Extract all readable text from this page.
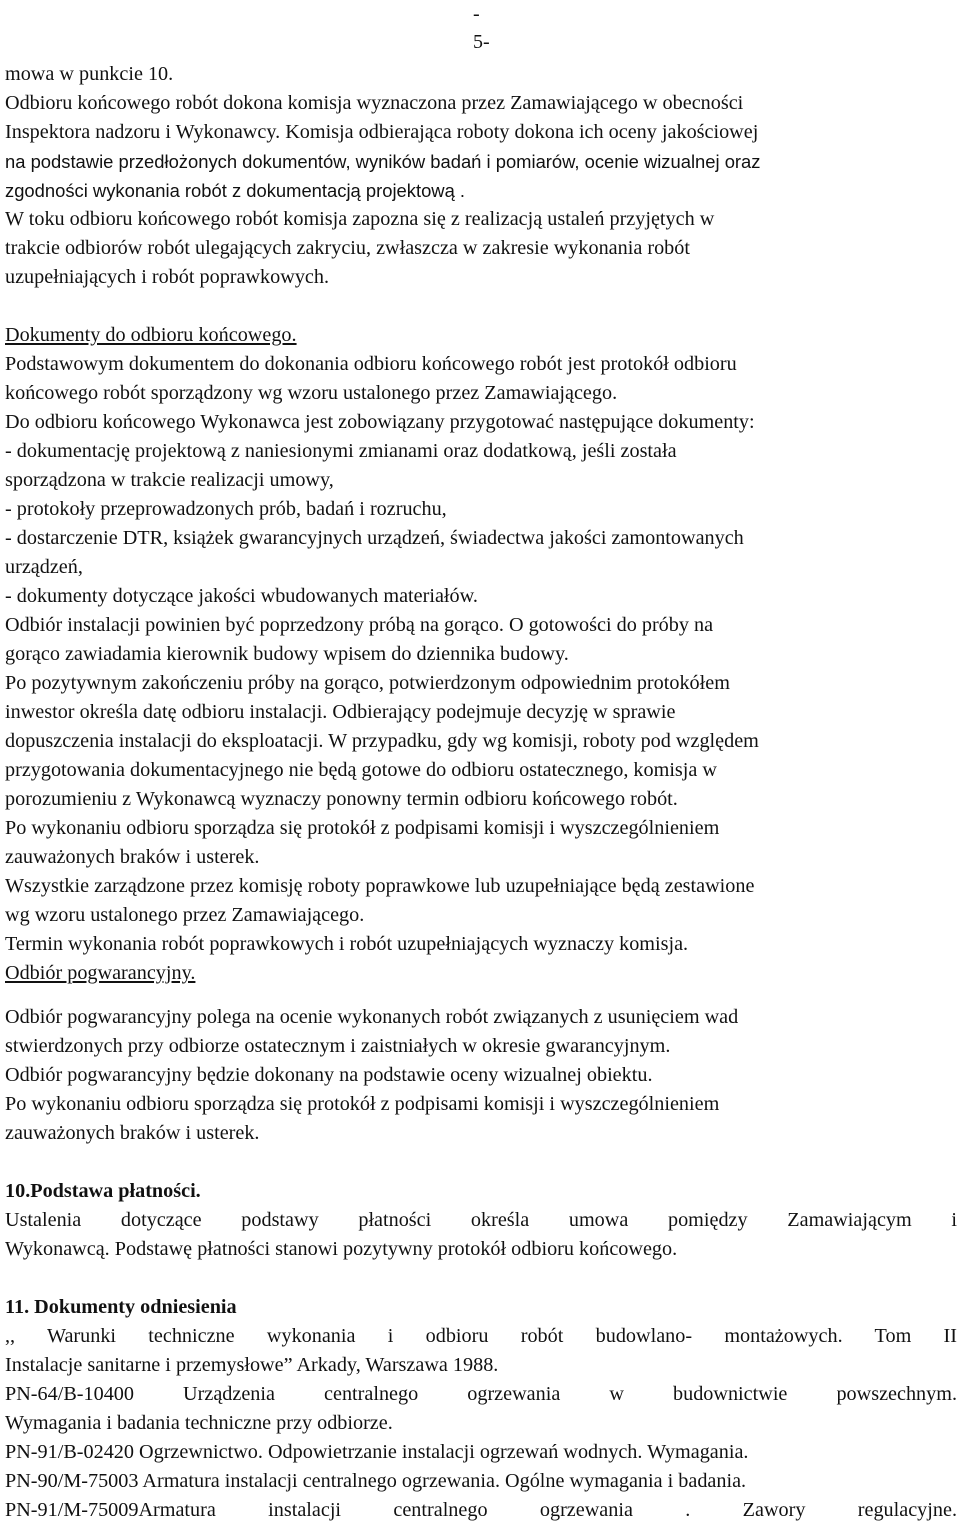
-
5-
mowa w punkcie 10.
Odbioru końcowego robót dokona komisja wyznaczona przez Zamawiającego w obecności
Inspektora nadzoru i Wykonawcy. Komisja odbierająca roboty dokona ich oceny jakościowej
na podstawie przedłożonych dokumentów, wyników badań i pomiarów, ocenie wizualnej oraz
zgodności wykonania robót z dokumentacją projektową .
W toku odbioru końcowego robót komisja zapozna się z realizacją ustaleń przyjętych w
trakcie odbiorów robót ulegających zakryciu, zwłaszcza w zakresie wykonania robót
uzupełniających i robót poprawkowych.
Dokumenty do odbioru końcowego.
Podstawowym dokumentem do dokonania odbioru końcowego robót jest protokół odbioru
końcowego robót sporządzony wg wzoru ustalonego przez Zamawiającego.
Do odbioru końcowego Wykonawca jest zobowiązany przygotować następujące dokumenty:
- dokumentację projektową z naniesionymi zmianami oraz dodatkową, jeśli została
sporządzona w trakcie realizacji umowy,
- protokoły przeprowadzonych prób, badań i rozruchu,
- dostarczenie DTR, książek gwarancyjnych urządzeń, świadectwa jakości zamontowanych
urządzeń,
- dokumenty dotyczące jakości wbudowanych materiałów.
Odbiór instalacji powinien być poprzedzony próbą na gorąco. O gotowości do próby na
gorąco zawiadamia kierownik budowy wpisem do dziennika budowy.
Po pozytywnym zakończeniu próby na gorąco, potwierdzonym odpowiednim protokółem
inwestor określa datę odbioru instalacji. Odbierający podejmuje decyzję w sprawie
dopuszczenia instalacji do eksploatacji. W przypadku, gdy wg komisji, roboty pod względem
przygotowania dokumentacyjnego nie będą gotowe do odbioru ostatecznego, komisja w
porozumieniu z Wykonawcą wyznaczy ponowny termin odbioru końcowego robót.
Po wykonaniu odbioru sporządza się protokół z podpisami komisji i wyszczególnieniem
zauważonych braków i usterek.
Wszystkie zarządzone przez komisję roboty poprawkowe lub uzupełniające będą zestawione
wg wzoru ustalonego przez Zamawiającego.
Termin wykonania robót poprawkowych i robót uzupełniających wyznaczy komisja.
Odbiór pogwarancyjny.
Odbiór pogwarancyjny polega na ocenie wykonanych robót związanych z usunięciem wad
stwierdzonych przy odbiorze ostatecznym i zaistniałych w okresie gwarancyjnym.
Odbiór pogwarancyjny będzie dokonany na podstawie oceny wizualnej obiektu.
Po wykonaniu odbioru sporządza się protokół z podpisami komisji i wyszczególnieniem
zauważonych braków i usterek.
10.Podstawa płatności.
Ustalenia dotyczące podstawy płatności określa umowa pomiędzy Zamawiającym i
Wykonawcą. Podstawę płatności stanowi pozytywny protokół odbioru końcowego.
11. Dokumenty odniesienia
,, Warunki techniczne wykonania i odbioru robót budowlano- montażowych. Tom II
Instalacje sanitarne i przemysłowe” Arkady, Warszawa 1988.
PN-64/B-10400 Urządzenia centralnego ogrzewania w budownictwie powszechnym.
Wymagania i badania techniczne przy odbiorze.
PN-91/B-02420 Ogrzewnictwo. Odpowietrzanie instalacji ogrzewań wodnych. Wymagania.
PN-90/M-75003 Armatura instalacji centralnego ogrzewania. Ogólne wymagania i badania.
PN-91/M-75009Armatura instalacji centralnego ogrzewania . Zawory regulacyjne.
